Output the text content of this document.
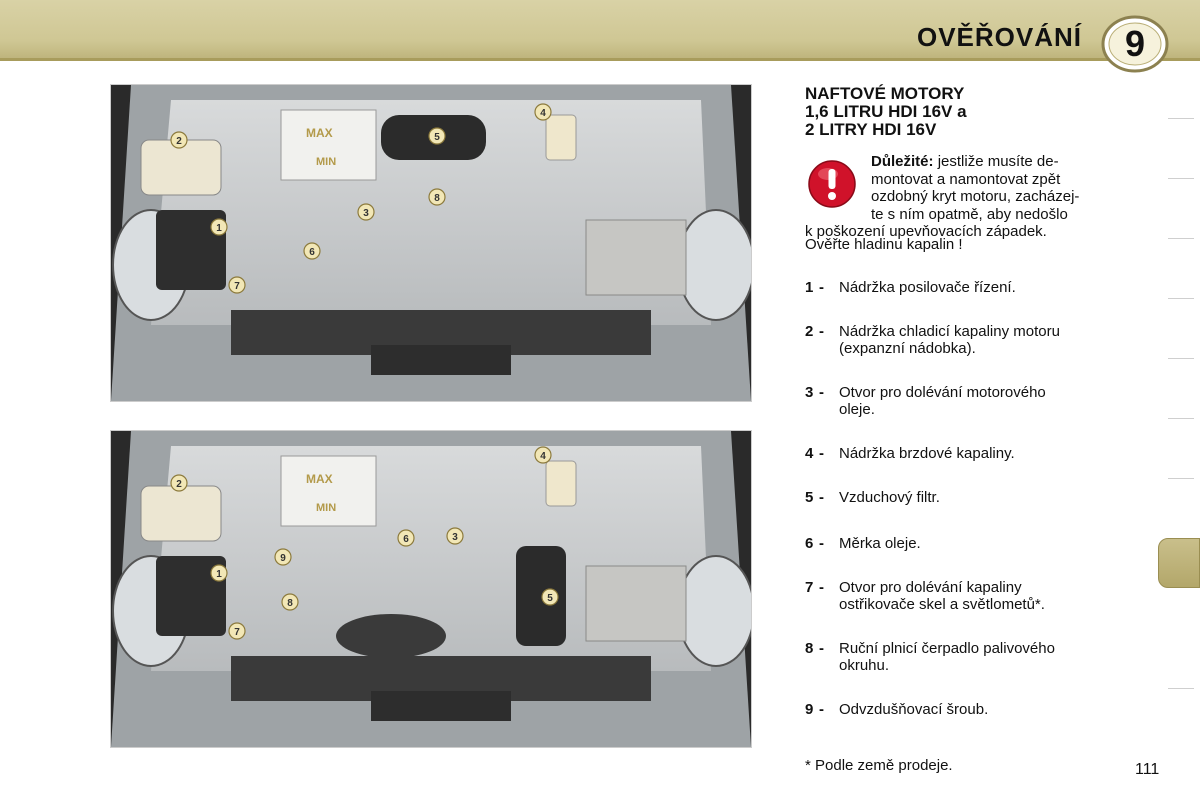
OVĚŘOVÁNÍ	9
MAX
MIN
1
2
3
4
5
6
7
8
MAX
MIN
1
2
3
4
5
6
7
8
9
NAFTOVÉ MOTORY
1,6 LITRU HDI 16V a
2 LITRY HDI 16V

Důležité: jestliže musíte de-
montovat a namontovat zpět
ozdobný kryt motoru, zacházej-
te s ním opatmě, aby nedošlo
k poškození upevňovacích západek.

Ověřte hladinu kapalin !

1 - Nádržka posilovače řízení.
2 - Nádržka chladicí kapaliny motoru
(expanzní nádobka).
3 - Otvor pro dolévání motorového
oleje.
4 - Nádržka brzdové kapaliny.
5 - Vzduchový filtr.
6 - Měrka oleje.
7 - Otvor pro dolévání kapaliny
ostřikovače skel a světlometů*.
8 - Ruční plnicí čerpadlo palivového
okruhu.
9 - Odvzdušňovací šroub.
* Podle země prodeje.	111
